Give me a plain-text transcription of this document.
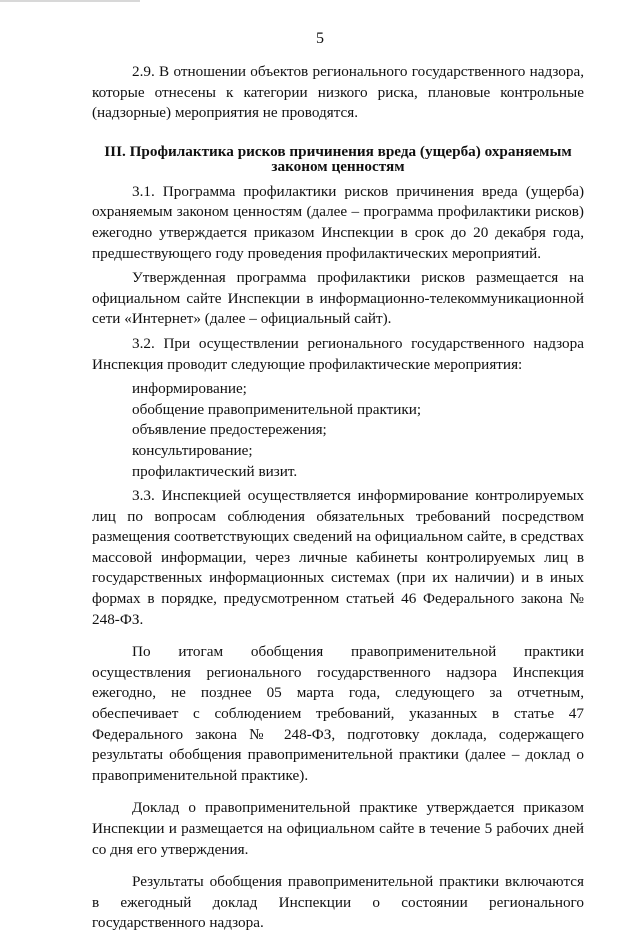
5

2.9. В отношении объектов регионального государственного надзора, которые отнесены к категории низкого риска, плановые контрольные (надзорные) мероприятия не проводятся.

III. Профилактика рисков причинения вреда (ущерба) охраняемым
законом ценностям

3.1. Программа профилактики рисков причинения вреда (ущерба) охраняемым законом ценностям (далее – программа профилактики рисков) ежегодно утверждается приказом Инспекции в срок до 20 декабря года, предшествующего году проведения профилактических мероприятий.

Утвержденная программа профилактики рисков размещается на официальном сайте Инспекции в информационно-телекоммуникационной сети «Интернет» (далее – официальный сайт).

3.2. При осуществлении регионального государственного надзора Инспекция проводит следующие профилактические мероприятия:

информирование;
обобщение правоприменительной практики;
объявление предостережения;
консультирование;
профилактический визит.

3.3. Инспекцией осуществляется информирование контролируемых лиц по вопросам соблюдения обязательных требований посредством размещения соответствующих сведений на официальном сайте, в средствах массовой информации, через личные кабинеты контролируемых лиц в государственных информационных системах (при их наличии) и в иных формах в порядке, предусмотренном статьей 46 Федерального закона № 248-ФЗ.

По итогам обобщения правоприменительной практики осуществления регионального государственного надзора Инспекция ежегодно, не позднее 05 марта года, следующего за отчетным, обеспечивает с соблюдением требований, указанных в статье 47 Федерального закона № 248-ФЗ, подготовку доклада, содержащего результаты обобщения правоприменительной практики (далее – доклад о правоприменительной практике).

Доклад о правоприменительной практике утверждается приказом Инспекции и размещается на официальном сайте в течение 5 рабочих дней со дня его утверждения.

Результаты обобщения правоприменительной практики включаются в ежегодный доклад Инспекции о состоянии регионального государственного надзора.
